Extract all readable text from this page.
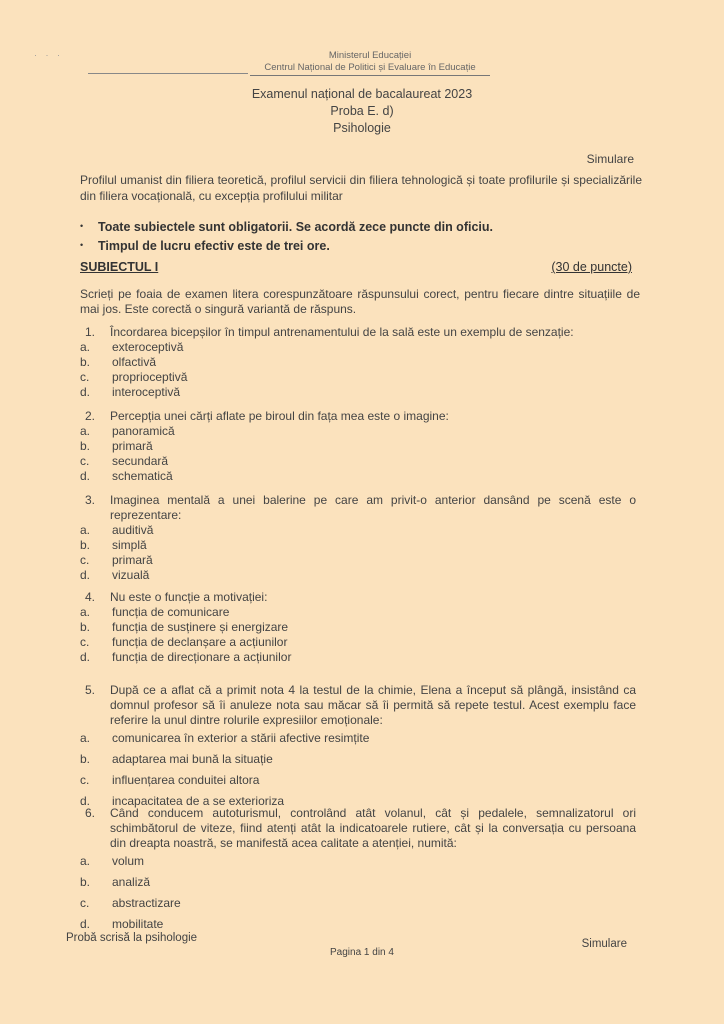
· · ·	Ministerul Educației
Centrul Național de Politici și Evaluare în Educație
Examenul național de bacalaureat 2023
Proba E. d)
Psihologie
Simulare
Profilul umanist din filiera teoretică, profilul servicii din filiera tehnologică și toate profilurile și specializările din filiera vocațională, cu excepția profilului militar
• Toate subiectele sunt obligatorii. Se acordă zece puncte din oficiu.
• Timpul de lucru efectiv este de trei ore.
SUBIECTUL I	(30 de puncte)
Scrieți pe foaia de examen litera corespunzătoare răspunsului corect, pentru fiecare dintre situațiile de mai jos. Este corectă o singură variantă de răspuns.
1. Încordarea bicepșilor în timpul antrenamentului de la sală este un exemplu de senzație:
a.	exteroceptivă
b.	olfactivă
c.	proprioceptivă
d.	interoceptivă
2. Percepția unei cărți aflate pe biroul din fața mea este o imagine:
a.	panoramică
b.	primară
c.	secundară
d.	schematică
3. Imaginea mentală a unei balerine pe care am privit-o anterior dansând pe scenă este o reprezentare:
a.	auditivă
b.	simplă
c.	primară
d.	vizuală
4. Nu este o funcție a motivației:
a.	funcția de comunicare
b.	funcția de susținere și energizare
c.	funcția de declanșare a acțiunilor
d.	funcția de direcționare a acțiunilor
5. După ce a aflat că a primit nota 4 la testul de la chimie, Elena a început să plângă, insistând ca domnul profesor să îi anuleze nota sau măcar să îi permită să repete testul. Acest exemplu face referire la unul dintre rolurile expresiilor emoționale:
a.	comunicarea în exterior a stării afective resimțite
b.	adaptarea mai bună la situație
c.	influențarea conduitei altora
d.	incapacitatea de a se exterioriza
6. Când conducem autoturismul, controlând atât volanul, cât și pedalele, semnalizatorul ori schimbătorul de viteze, fiind atenți atât la indicatoarele rutiere, cât și la conversația cu persoana din dreapta noastră, se manifestă acea calitate a atenției, numită:
a.	volum
b.	analiză
c.	abstractizare
d.	mobilitate
Probă scrisă la psihologie	Simulare
Pagina 1 din 4
